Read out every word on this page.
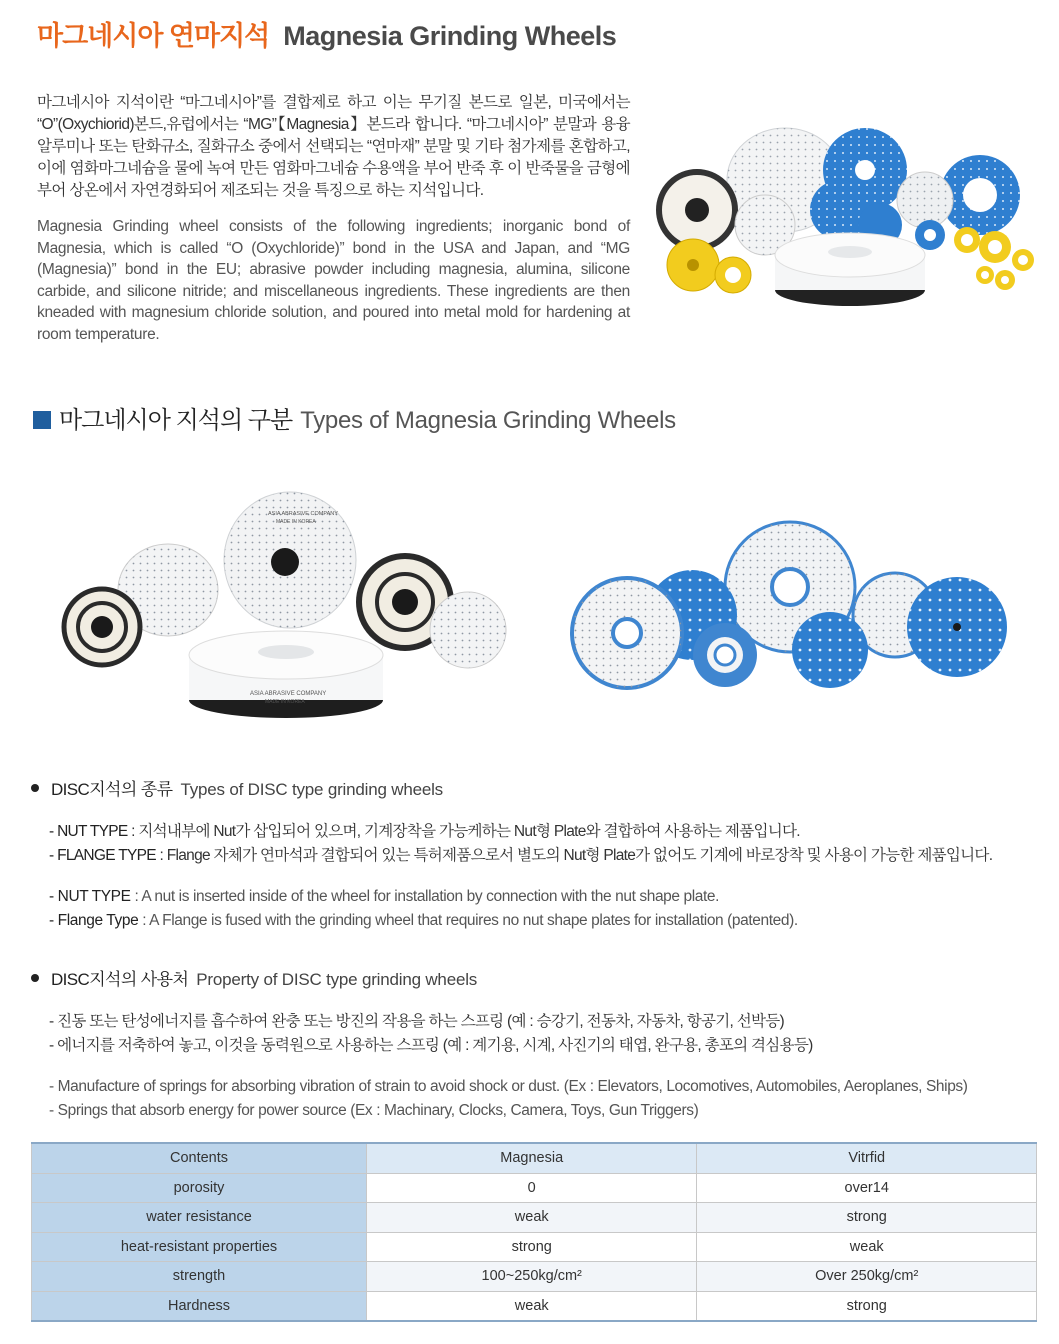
마그네시아 연마지석 Magnesia Grinding Wheels
마그네시아 지석이란 “마그네시아”를 결합제로 하고 이는 무기질 본드로 일본, 미국에서는 “O”(Oxychiorid)본드,유럽에서는 “MG”【Magnesia】본드라 합니다. “마그네시아” 분말과 용융알루미나 또는 탄화규소, 질화규소 중에서 선택되는 “연마재” 분말 및 기타 첨가제를 혼합하고, 이에 염화마그네슘을 물에 녹여 만든 염화마그네슘 수용액을 부어 반죽 후 이 반죽물을 금형에 부어 상온에서 자연경화되어 제조되는 것을 특징으로 하는 지석입니다.
Magnesia Grinding wheel consists of the following ingredients; inorganic bond of Magnesia, which is called “O (Oxychloride)” bond in the USA and Japan, and “MG (Magnesia)” bond in the EU; abrasive powder including magnesia, alumina, silicone carbide, and silicone nitride; and miscellaneous ingredients. These ingredients are then kneaded with magnesium chloride solution, and poured into metal mold for hardening at room temperature.
마그네시아 지석의 구분 Types of Magnesia Grinding Wheels
ASIA ABRASIVE COMPANY
MADE IN KOREA
ASIA ABRASIVE COMPANY
MADE IN KOREA
DISC지석의 종류 Types of DISC type grinding wheels
- NUT TYPE : 지석내부에 Nut가 삽입되어 있으며, 기계장착을 가능케하는 Nut형 Plate와 결합하여 사용하는 제품입니다.
- FLANGE TYPE : Flange 자체가 연마석과 결합되어 있는 특허제품으로서 별도의 Nut형 Plate가 없어도 기계에 바로장착 및 사용이 가능한 제품입니다.
- NUT TYPE : A nut is inserted inside of the wheel for installation by connection with the nut shape plate.
- Flange Type : A Flange is fused with the grinding wheel that requires no nut shape plates for installation (patented).
DISC지석의 사용처 Property of DISC type grinding wheels
- 진동 또는 탄성에너지를 흡수하여 완충 또는 방진의 작용을 하는 스프링 (예 : 승강기, 전동차, 자동차, 항공기, 선박등)
- 에너지를 저축하여 놓고, 이것을 동력원으로 사용하는 스프링 (예 : 계기용, 시계, 사진기의 태엽, 완구용, 총포의 격심용등)
- Manufacture of springs for absorbing vibration of strain to avoid shock or dust. (Ex : Elevators, Locomotives, Automobiles, Aeroplanes, Ships)
- Springs that absorb energy for power source (Ex : Machinary, Clocks, Camera, Toys, Gun Triggers)
Contents	Magnesia	Vitrfid
porosity	0	over14
water resistance	weak	strong
heat-resistant properties	strong	weak
strength	100~250kg/cm²	Over 250kg/cm²
Hardness	weak	strong
